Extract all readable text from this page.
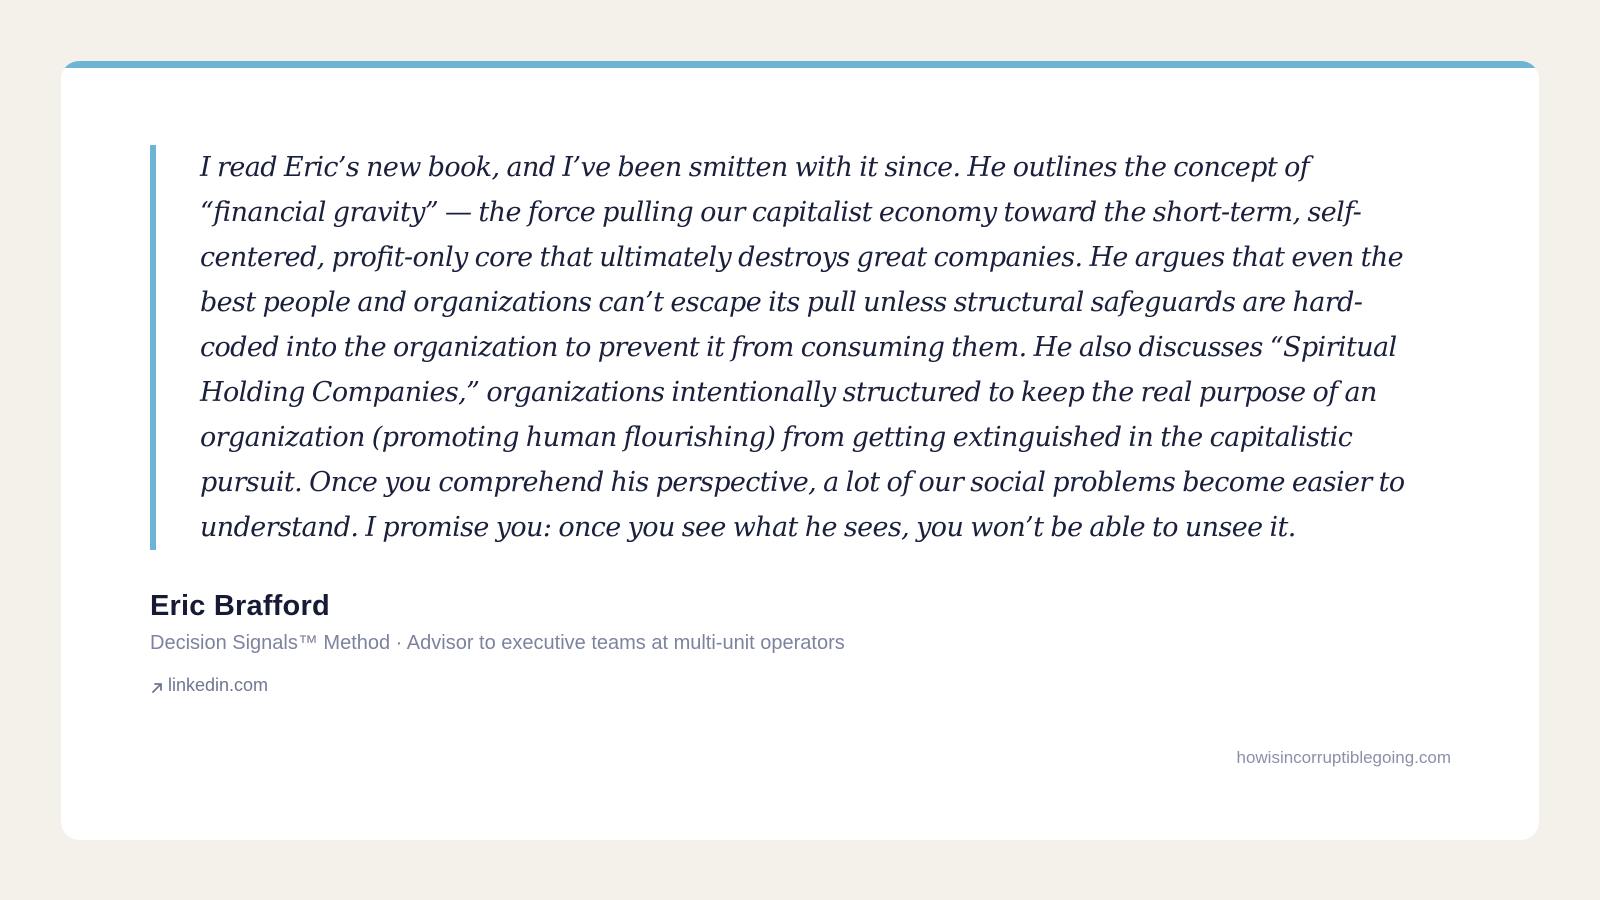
I read Eric’s new book, and I’ve been smitten with it since. He outlines the concept of “financial gravity” — the force pulling our capitalist economy toward the short-term, self-centered, profit-only core that ultimately destroys great companies. He argues that even the best people and organizations can’t escape its pull unless structural safeguards are hard-coded into the organization to prevent it from consuming them. He also discusses “Spiritual Holding Companies,” organizations intentionally structured to keep the real purpose of an organization (promoting human flourishing) from getting extinguished in the capitalistic pursuit. Once you comprehend his perspective, a lot of our social problems become easier to understand. I promise you: once you see what he sees, you won’t be able to unsee it.

Eric Brafford
Decision Signals™ Method · Advisor to executive teams at multi-unit operators
linkedin.com
howisincorruptiblegoing.com
